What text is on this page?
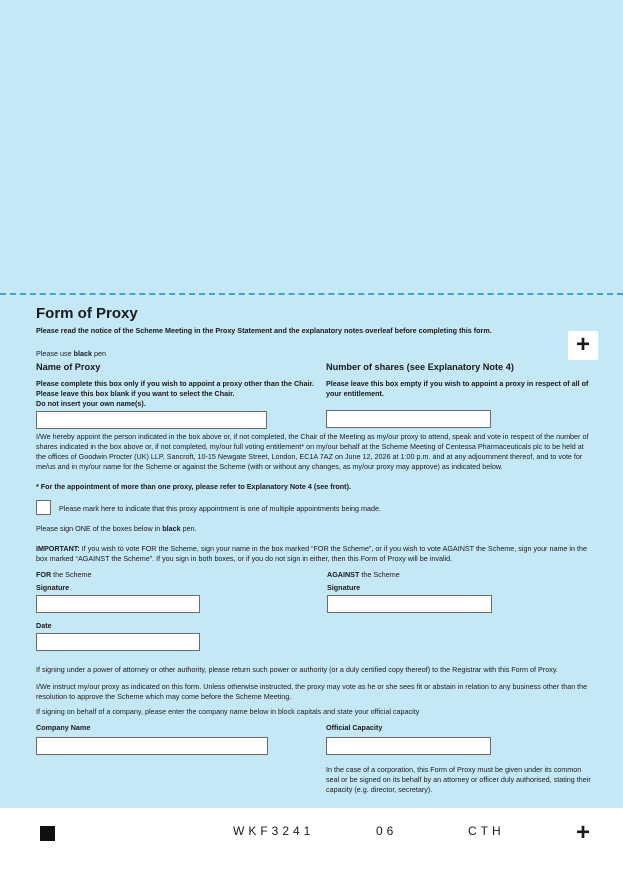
Form of Proxy
Please read the notice of the Scheme Meeting in the Proxy Statement and the explanatory notes overleaf before completing this form.
+
Please use black pen
Name of Proxy
Please complete this box only if you wish to appoint a proxy other than the Chair.
Please leave this box blank if you want to select the Chair.
Do not insert your own name(s).
Number of shares (see Explanatory Note 4)
Please leave this box empty if you wish to appoint a proxy in respect of all of your entitlement.
I/We hereby appoint the person indicated in the box above or, if not completed, the Chair of the Meeting as my/our proxy to attend, speak and vote in respect of the number of shares indicated in the box above or, if not completed, my/our full voting entitlement* on my/our behalf at the Scheme Meeting of Centessa Pharmaceuticals plc to be held at the offices of Goodwin Procter (UK) LLP, Sancroft, 10-15 Newgate Street, London, EC1A 7AZ on June 12, 2026 at 1:00 p.m. and at any adjournment thereof, and to vote for me/us and in my/our name for the Scheme or against the Scheme (with or without any changes, as my/our proxy may approve) as indicated below.
* For the appointment of more than one proxy, please refer to Explanatory Note 4 (see front).
Please mark here to indicate that this proxy appointment is one of multiple appointments being made.
Please sign ONE of the boxes below in black pen.
IMPORTANT: If you wish to vote FOR the Scheme, sign your name in the box marked “FOR the Scheme”, or if you wish to vote AGAINST the Scheme, sign your name in the box marked “AGAINST the Scheme”. If you sign in both boxes, or if you do not sign in either, then this Form of Proxy will be invalid.
FOR the Scheme
Signature
AGAINST the Scheme
Signature
Date
If signing under a power of attorney or other authority, please return such power or authority (or a duly certified copy thereof) to the Registrar with this Form of Proxy.
I/We instruct my/our proxy as indicated on this form. Unless otherwise instructed, the proxy may vote as he or she sees fit or abstain in relation to any business other than the resolution to approve the Scheme which may come before the Scheme Meeting.
If signing on behalf of a company, please enter the company name below in block capitals and state your official capacity
Company Name	Official Capacity
In the case of a corporation, this Form of Proxy must be given under its common seal or be signed on its behalf by an attorney or officer duly authorised, stating their capacity (e.g. director, secretary).
WKF3241	06	CTH	+
